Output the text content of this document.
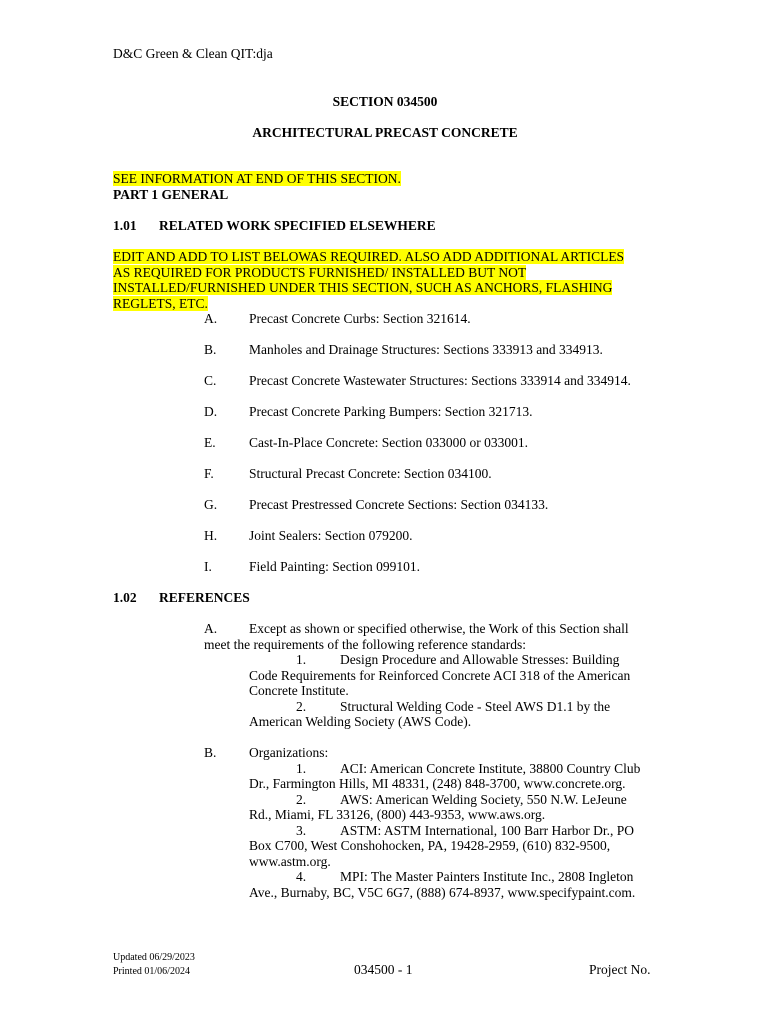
D&C Green & Clean QIT:dja
SECTION 034500
ARCHITECTURAL PRECAST CONCRETE
SEE INFORMATION AT END OF THIS SECTION.
PART 1 GENERAL
1.01 RELATED WORK SPECIFIED ELSEWHERE
EDIT AND ADD TO LIST BELOWAS REQUIRED. ALSO ADD ADDITIONAL ARTICLES
AS REQUIRED FOR PRODUCTS FURNISHED/ INSTALLED BUT NOT
INSTALLED/FURNISHED UNDER THIS SECTION, SUCH AS ANCHORS, FLASHING
REGLETS, ETC.
A. Precast Concrete Curbs: Section 321614.
B. Manholes and Drainage Structures: Sections 333913 and 334913.
C. Precast Concrete Wastewater Structures: Sections 333914 and 334914.
D. Precast Concrete Parking Bumpers: Section 321713.
E. Cast-In-Place Concrete: Section 033000 or 033001.
F.	Structural Precast Concrete: Section 034100.
G. Precast Prestressed Concrete Sections: Section 034133.
H. Joint Sealers: Section 079200.
I.	Field Painting: Section 099101.
1.02 REFERENCES
A. Except as shown or specified otherwise, the Work of this Section shall
meet the requirements of the following reference standards:
1.	Design Procedure and Allowable Stresses: Building
Code Requirements for Reinforced Concrete ACI 318 of the American
Concrete Institute.
2.	Structural Welding Code - Steel AWS D1.1 by the
American Welding Society (AWS Code).
B. Organizations:
1.	ACI: American Concrete Institute, 38800 Country Club
Dr., Farmington Hills, MI 48331, (248) 848-3700, www.concrete.org.
2.	AWS: American Welding Society, 550 N.W. LeJeune
Rd., Miami, FL 33126, (800) 443-9353, www.aws.org.
3.	ASTM: ASTM International, 100 Barr Harbor Dr., PO
Box C700, West Conshohocken, PA, 19428-2959, (610) 832-9500,
www.astm.org.
4.	MPI: The Master Painters Institute Inc., 2808 Ingleton
Ave., Burnaby, BC, V5C 6G7, (888) 674-8937, www.specifypaint.com.
Updated 06/29/2023
Printed 01/06/2024	034500 - 1	Project No.
